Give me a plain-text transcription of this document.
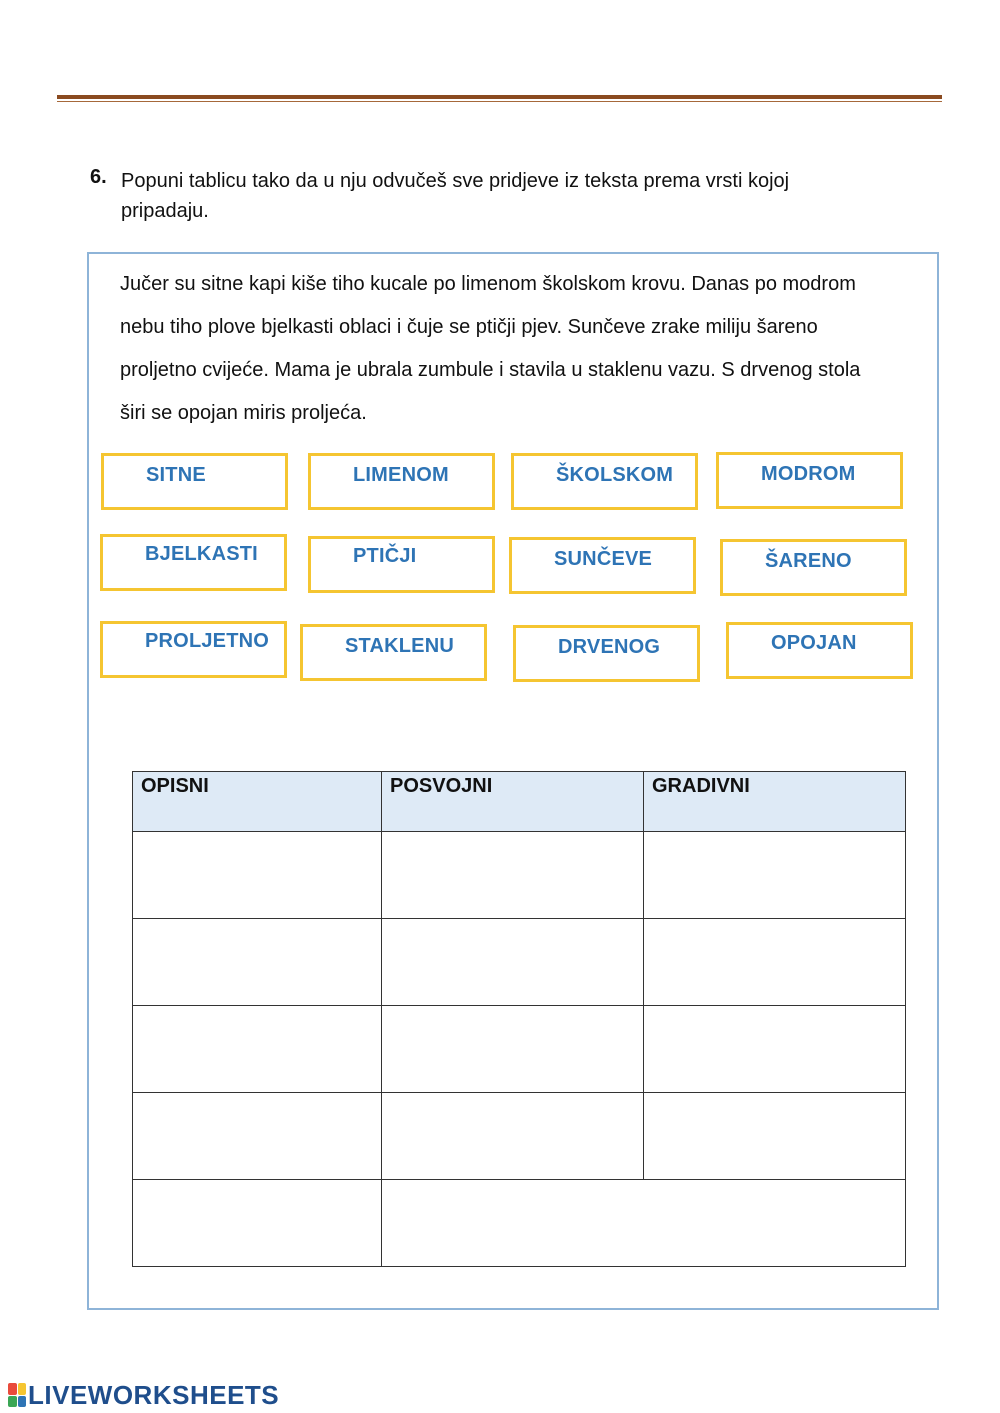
6. Popuni tablicu tako da u nju odvučeš sve pridjeve iz teksta prema vrsti kojoj pripadaju.
Jučer su sitne kapi kiše tiho kucale po limenom školskom krovu. Danas po modrom
nebu tiho plove bjelkasti oblaci i čuje se ptičji pjev. Sunčeve zrake miliju šareno
proljetno cvijeće. Mama je ubrala zumbule i stavila u staklenu vazu. S drvenog stola
širi se opojan miris proljeća.
SITNE	LIMENOM	ŠKOLSKOM	MODROM
BJELKASTI	PTIČJI	SUNČEVE	ŠARENO
PROLJETNO	STAKLENU	DRVENOG	OPOJAN
OPISNI	POSVOJNI	GRADIVNI

LIVEWORKSHEETS
